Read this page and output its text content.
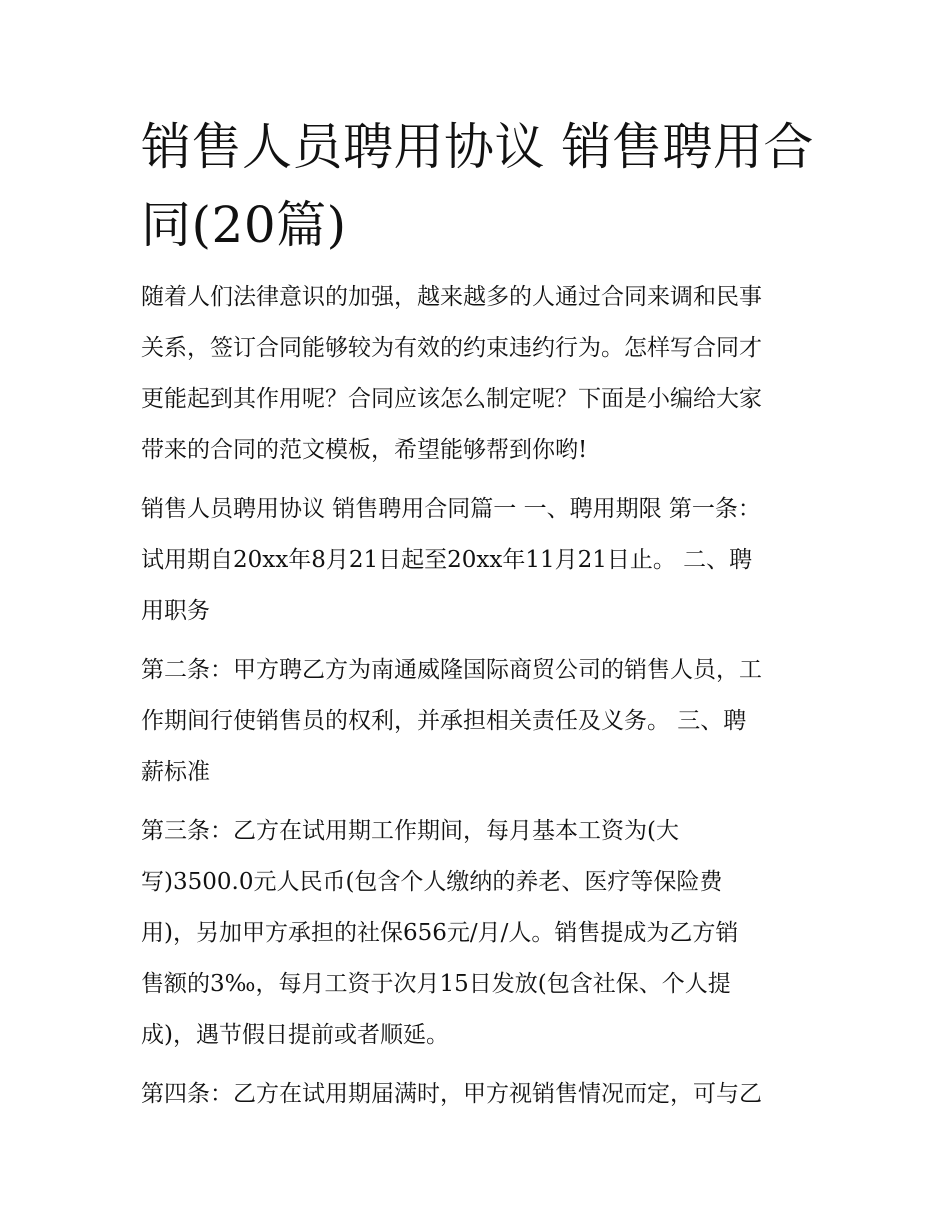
销售人员聘用协议 销售聘用合
同(20篇)

随着人们法律意识的加强，越来越多的人通过合同来调和民事
关系，签订合同能够较为有效的约束违约行为。怎样写合同才
更能起到其作用呢？合同应该怎么制定呢？下面是小编给大家
带来的合同的范文模板，希望能够帮到你哟!

销售人员聘用协议 销售聘用合同篇一 一、聘用期限 第一条：
试用期自20xx年8月21日起至20xx年11月21日止。 二、聘
用职务

第二条：甲方聘乙方为南通威隆国际商贸公司的销售人员，工
作期间行使销售员的权利，并承担相关责任及义务。 三、聘
薪标准

第三条：乙方在试用期工作期间，每月基本工资为(大
写)3500.0元人民币(包含个人缴纳的养老、医疗等保险费
用)，另加甲方承担的社保656元/月/人。销售提成为乙方销
售额的3‰，每月工资于次月15日发放(包含社保、个人提
成)，遇节假日提前或者顺延。

第四条：乙方在试用期届满时，甲方视销售情况而定，可与乙
